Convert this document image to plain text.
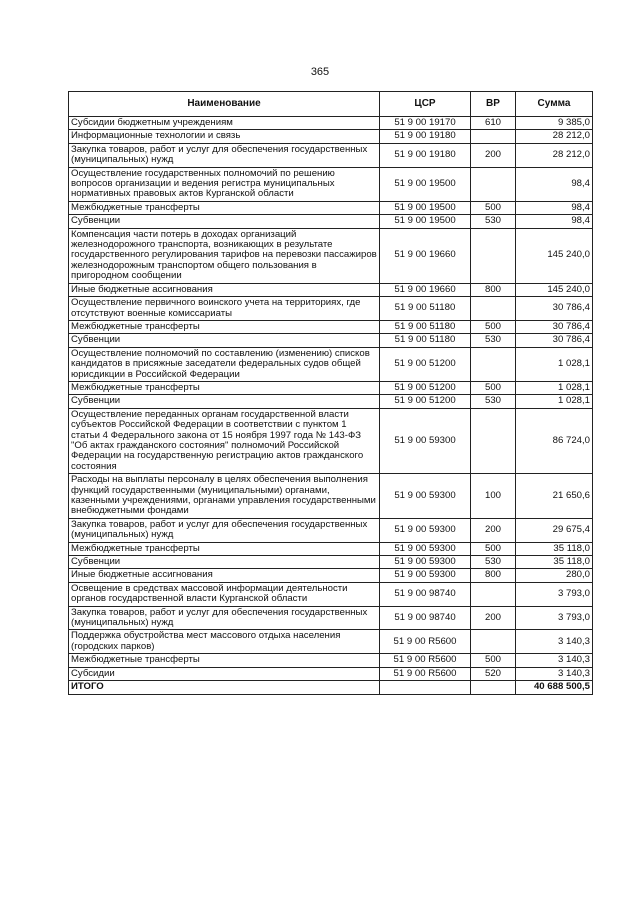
365
Наименование	ЦСР	ВР	Сумма
Субсидии бюджетным учреждениям	51 9 00 19170	610	9 385,0
Информационные технологии и связь	51 9 00 19180		28 212,0
Закупка товаров, работ и услуг для обеспечения государственных (муниципальных) нужд	51 9 00 19180	200	28 212,0
Осуществление государственных полномочий по решению вопросов организации и ведения регистра муниципальных нормативных правовых актов Курганской области	51 9 00 19500		98,4
Межбюджетные трансферты	51 9 00 19500	500	98,4
Субвенции	51 9 00 19500	530	98,4
Компенсация части потерь в доходах организаций железнодорожного транспорта, возникающих в результате государственного регулирования тарифов на перевозки пассажиров железнодорожным транспортом общего пользования в пригородном сообщении	51 9 00 19660		145 240,0
Иные бюджетные ассигнования	51 9 00 19660	800	145 240,0
Осуществление первичного воинского учета на территориях, где отсутствуют военные комиссариаты	51 9 00 51180		30 786,4
Межбюджетные трансферты	51 9 00 51180	500	30 786,4
Субвенции	51 9 00 51180	530	30 786,4
Осуществление полномочий по составлению (изменению) списков кандидатов в присяжные заседатели федеральных судов общей юрисдикции в Российской Федерации	51 9 00 51200		1 028,1
Межбюджетные трансферты	51 9 00 51200	500	1 028,1
Субвенции	51 9 00 51200	530	1 028,1
Осуществление переданных органам государственной власти субъектов Российской Федерации в соответствии с пунктом 1 статьи 4 Федерального закона от 15 ноября 1997 года № 143-ФЗ "Об актах гражданского состояния" полномочий Российской Федерации на государственную регистрацию актов гражданского состояния	51 9 00 59300		86 724,0
Расходы на выплаты персоналу в целях обеспечения выполнения функций государственными (муниципальными) органами, казенными учреждениями, органами управления государственными внебюджетными фондами	51 9 00 59300	100	21 650,6
Закупка товаров, работ и услуг для обеспечения государственных (муниципальных) нужд	51 9 00 59300	200	29 675,4
Межбюджетные трансферты	51 9 00 59300	500	35 118,0
Субвенции	51 9 00 59300	530	35 118,0
Иные бюджетные ассигнования	51 9 00 59300	800	280,0
Освещение в средствах массовой информации деятельности органов государственной власти Курганской области	51 9 00 98740		3 793,0
Закупка товаров, работ и услуг для обеспечения государственных (муниципальных) нужд	51 9 00 98740	200	3 793,0
Поддержка обустройства мест массового отдыха населения (городских парков)	51 9 00 R5600		3 140,3
Межбюджетные трансферты	51 9 00 R5600	500	3 140,3
Субсидии	51 9 00 R5600	520	3 140,3
ИТОГО			40 688 500,5
